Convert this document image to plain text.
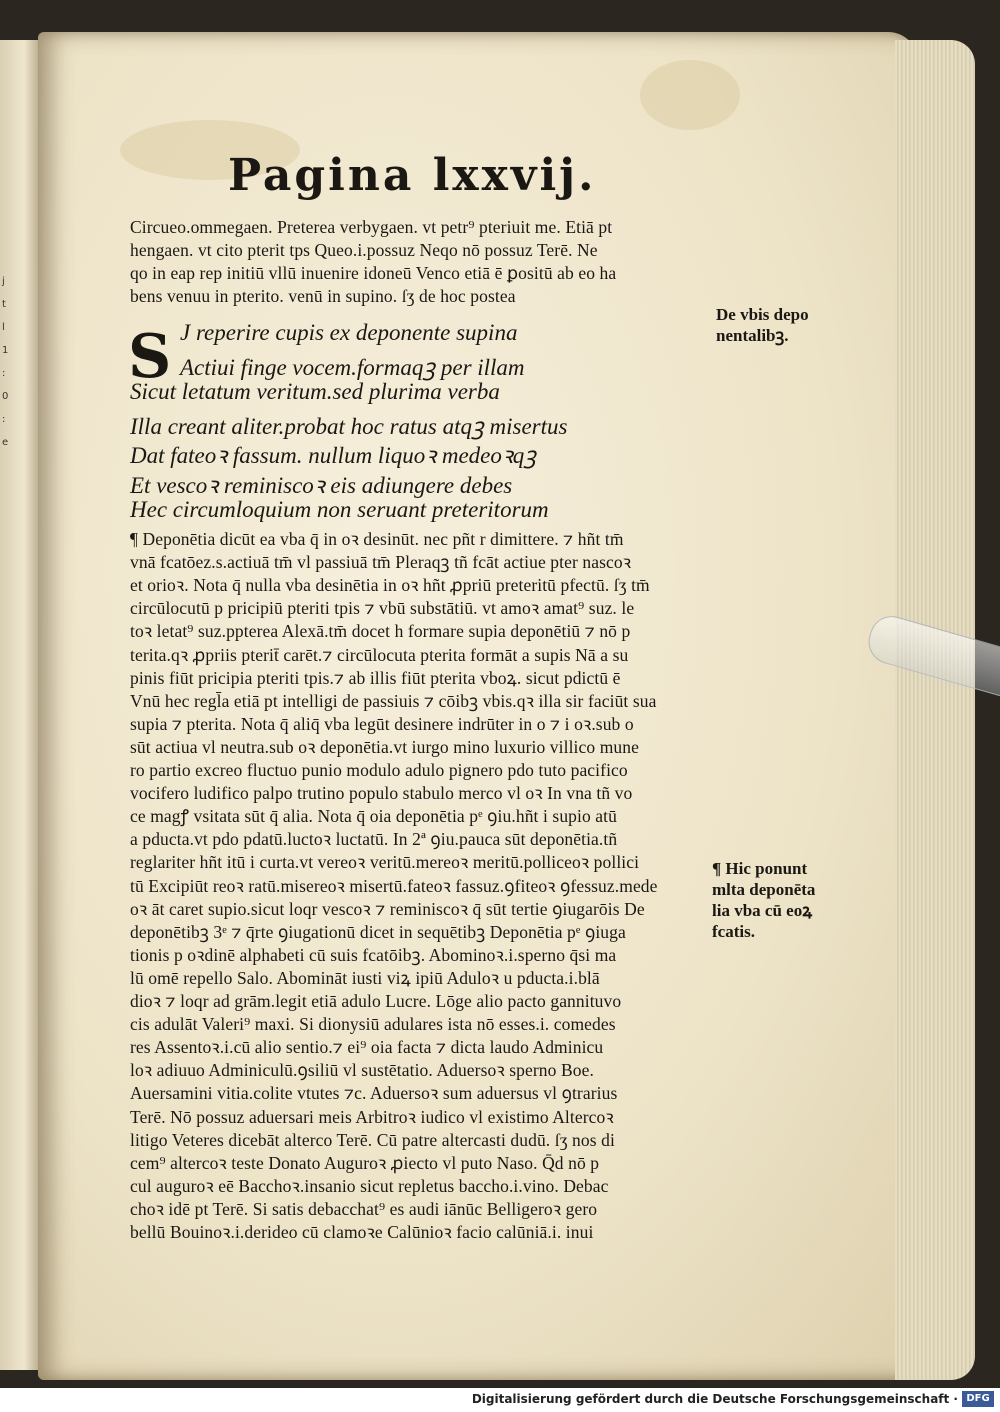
j
t
l
1
:
0
:
e
Pagina lxxvij.
Circueo.ommegaen. Preterea verbygaen. vt petr⁹ pteriuit me. Etiā pt
hengaen. vt cito pterit tps Queo.i.possuz Neqo nō possuz Terē. Ne
qo in eap rep initiū vllū inuenire idoneū Venco etiā ē ꝑositū ab eo ha
bens venuu in pterito. venū in supino. ſʒ de hoc postea
S J reperire cupis ex deponente supina
Actiui finge vocem.formaqꝫ per illam
Sicut letatum veritum.sed plurima verba
Illa creant aliter.probat hoc ratus atqꝫ misertus
Dat fateoꝛ fassum. nullum liquoꝛ medeoꝛqꝫ
Et vescoꝛ reminiscoꝛ eis adiungere debes
Hec circumloquium non seruant preteritorum
¶ Deponētia dicūt ea vba q̄ in oꝛ desinūt. nec pñt r dimittere. ⁊ hñt tm̄
vnā fcatōez.s.actiuā tm̄ vl passiuā tm̄ Pleraqꝫ tñ fcāt actiue pter nascoꝛ
et orioꝛ. Nota q̄ nulla vba desinētia in oꝛ hñt ꝓpriū preteritū pfectū. ſʒ tm̄
circūlocutū p pricipiū pteriti tpis ⁊ vbū substātiū. vt amoꝛ amat⁹ suz. le
toꝛ letat⁹ suz.ppterea Alexā.tm̄ docet h formare supia deponētiū ⁊ nō p
terita.qꝛ ꝓpriis pterit̄ carēt.⁊ circūlocuta pterita formāt a supis Nā a su
pinis fiūt pricipia pteriti tpis.⁊ ab illis fiūt pterita vboꝝ. sicut pdictū ē
Vnū hec regl̄a etiā pt intelligi de passiuis ⁊ cōibꝫ vbis.qꝛ illa sir faciūt sua
supia ⁊ pterita. Nota q̄ aliq̄ vba legūt desinere indrūter in o ⁊ i oꝛ.sub o
sūt actiua vl neutra.sub oꝛ deponētia.vt iurgo mino luxurio villico mune
ro partio excreo fluctuo punio modulo adulo pignero pdo tuto pacifico
vocifero ludifico palpo trutino populo stabulo merco vl oꝛ In vna tñ vo
ce magꝭ vsitata sūt q̄ alia. Nota q̄ oia deponētia pᵉ ꝯiu.hñt i supio atū
a pducta.vt pdo pdatū.luctoꝛ luctatū. In 2ª ꝯiu.pauca sūt deponētia.tñ
reglariter hñt itū i curta.vt vereoꝛ veritū.mereoꝛ meritū.polliceoꝛ pollici
tū Excipiūt reoꝛ ratū.misereoꝛ misertū.fateoꝛ fassuz.ꝯfiteoꝛ ꝯfessuz.mede
oꝛ āt caret supio.sicut loqr vescoꝛ ⁊ reminiscoꝛ q̄ sūt tertie ꝯiugarōis De
deponētibꝫ 3ᵉ ⁊ q̄rte ꝯiugationū dicet in sequētibꝫ Deponētia pᵉ ꝯiuga
tionis p oꝛdinē alphabeti cū suis fcatōibꝫ. Abominoꝛ.i.sperno q̄si ma
lū omē repello Salo. Abomināt iusti viꝝ ipiū Aduloꝛ u pducta.i.blā
dioꝛ ⁊ loqr ad grām.legit etiā adulo Lucre. Lōge alio pacto gannituvo
cis adulāt Valeri⁹ maxi. Si dionysiū adulares ista nō esses.i. comedes
res Assentoꝛ.i.cū alio sentio.⁊ ei⁹ oia facta ⁊ dicta laudo Adminicu
loꝛ adiuuo Adminiculū.ꝯsiliū vl sustētatio. Aduersoꝛ sperno Boe.
Auersamini vitia.colite vtutes ⁊c. Aduersoꝛ sum aduersus vl ꝯtrarius
Terē. Nō possuz aduersari meis Arbitroꝛ iudico vl existimo Altercoꝛ
litigo Veteres dicebāt alterco Terē. Cū patre altercasti dudū. ſʒ nos di
cem⁹ altercoꝛ teste Donato Auguroꝛ ꝓiecto vl puto Naso. Q̄d nō p
cul auguroꝛ eē Bacchoꝛ.insanio sicut repletus baccho.i.vino. Debac
choꝛ idē pt Terē. Si satis debacchat⁹ es audi iānūc Belligeroꝛ gero
bellū Bouinoꝛ.i.derideo cū clamoꝛe Calūnioꝛ facio calūniā.i. inui
De vbis depo
nentalibꝫ.
¶ Hic ponunt
mlta deponēta
lia vba cū eoꝝ
fcatis.
Digitalisierung gefördert durch die Deutsche Forschungsgemeinschaft · DFG
